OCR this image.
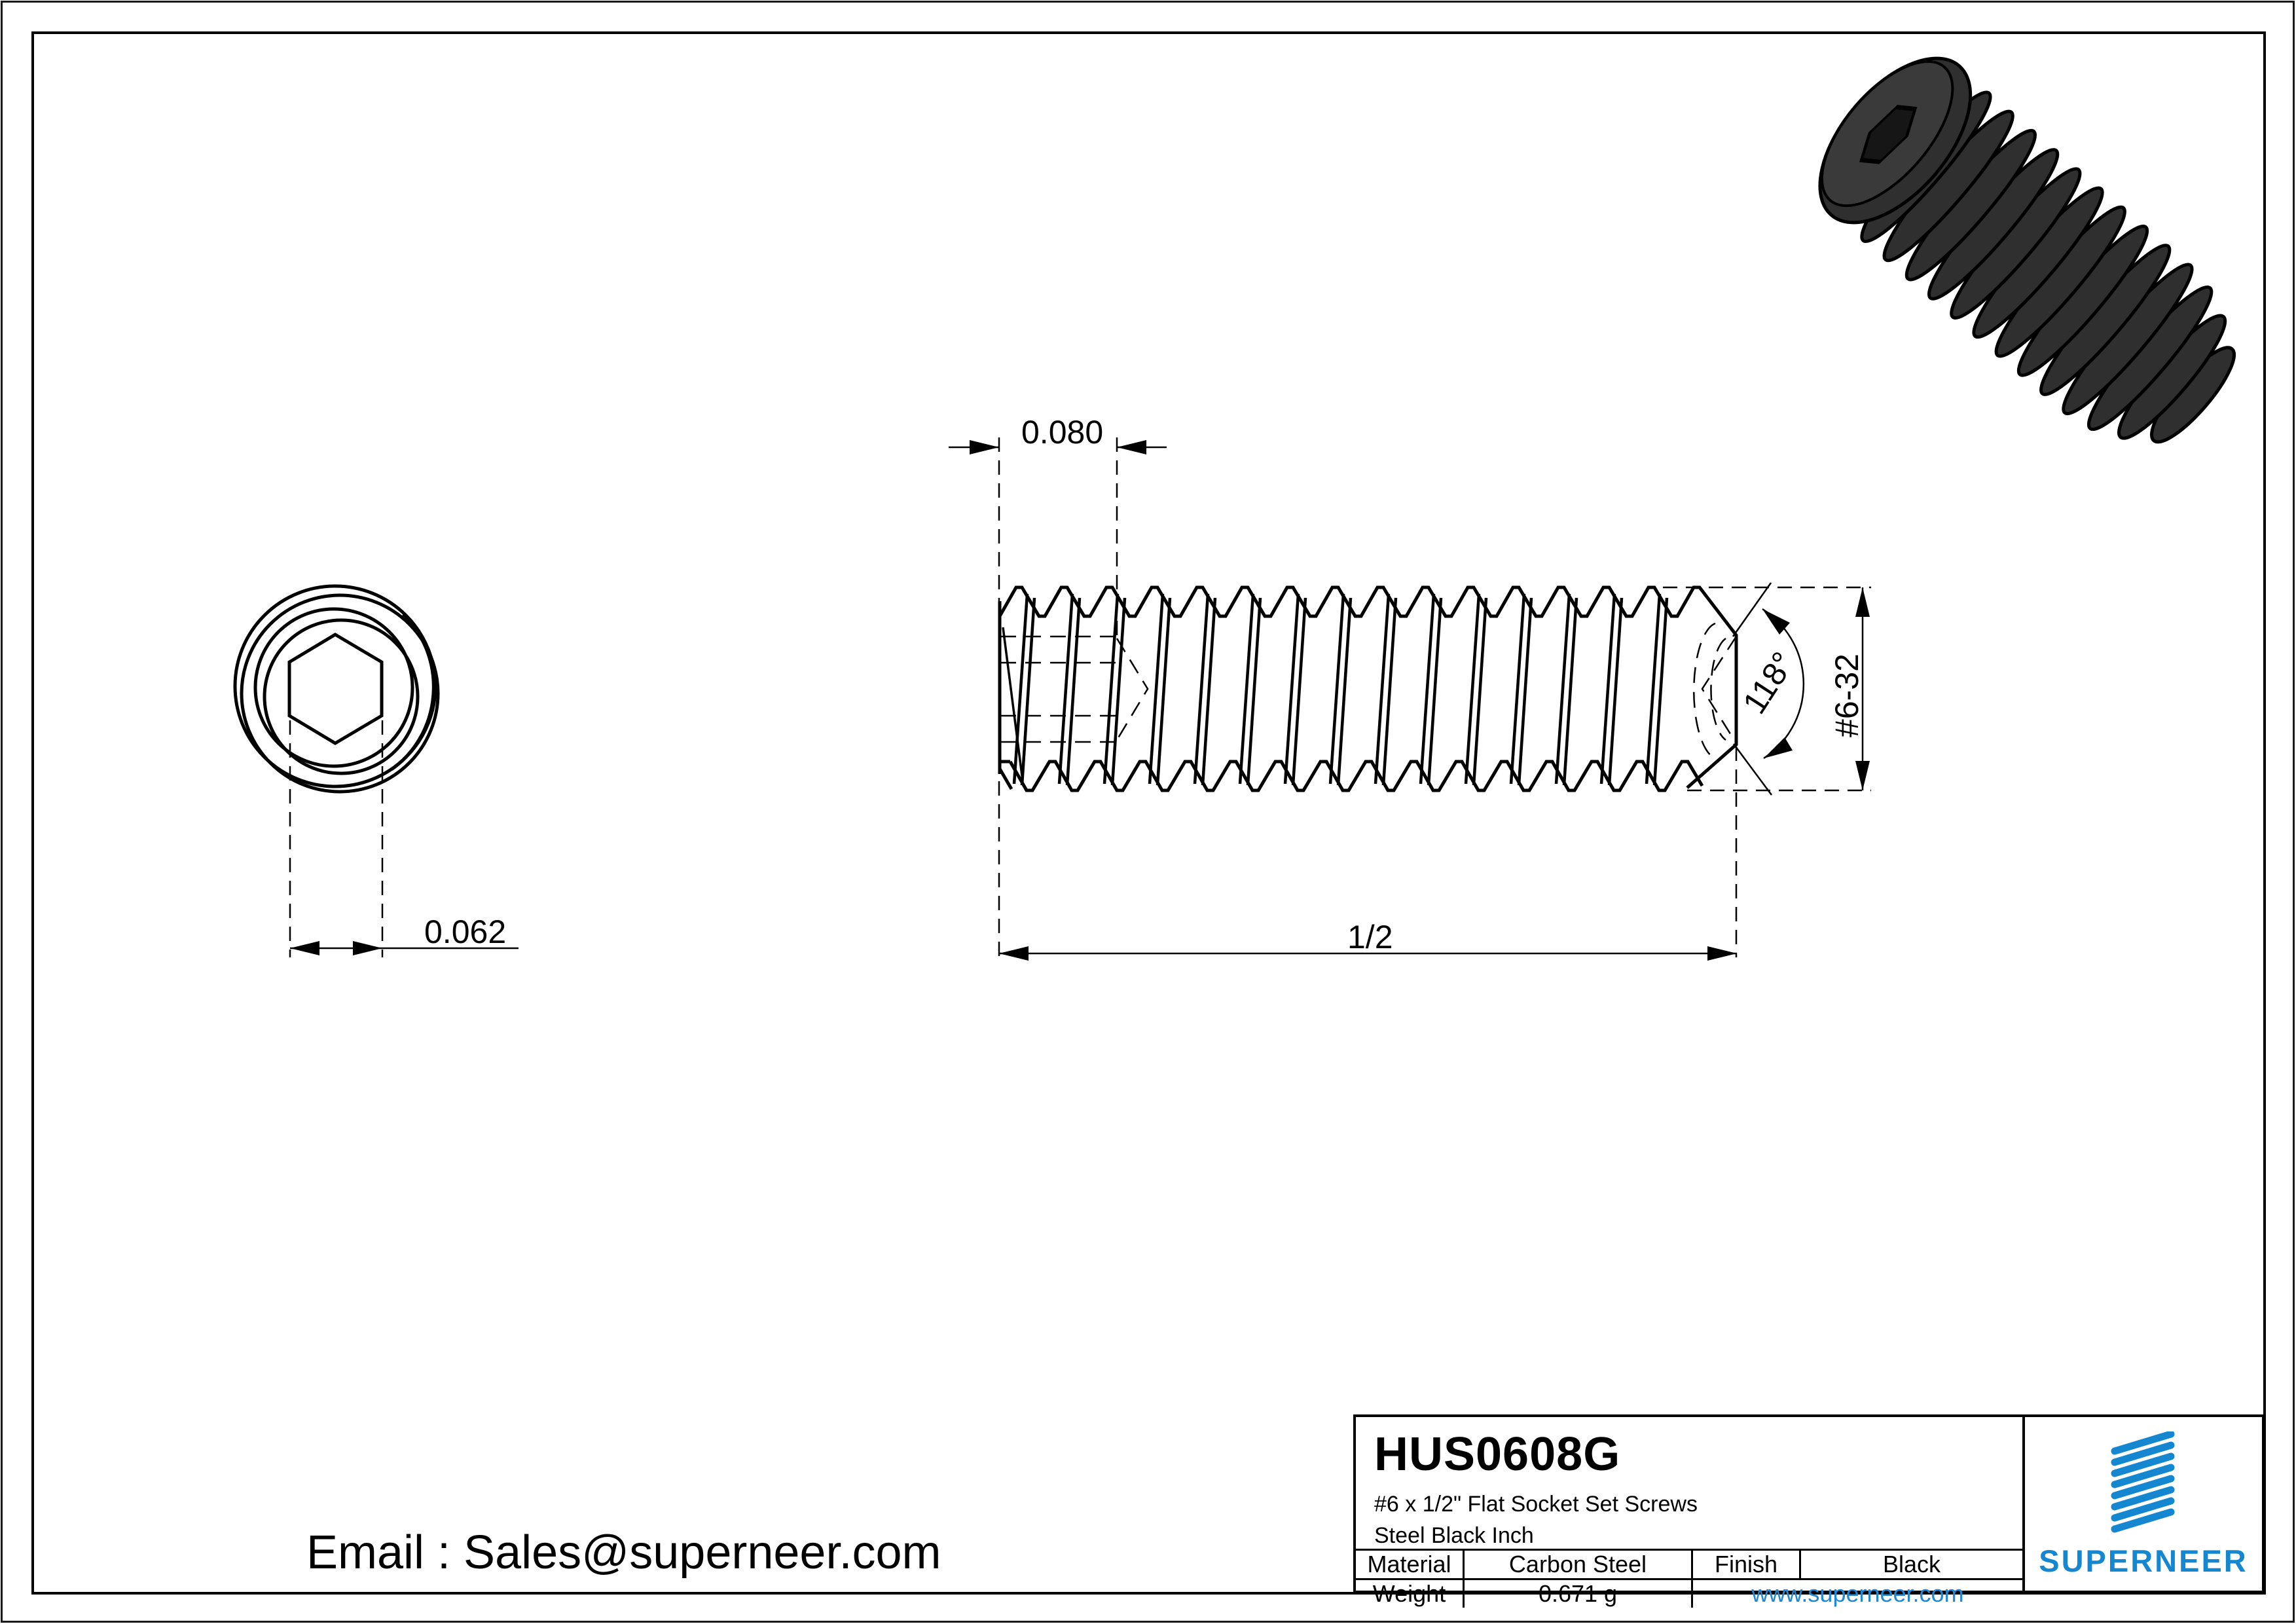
0.062
0.080
1/2
#6-32
118°
HUS0608G
#6 x 1/2" Flat Socket Set Screws
Steel Black Inch
Material	Carbon Steel	Finish	Black
Weight	0.671 g	www.superneer.com
SUPERNEER
Email : Sales@superneer.com
